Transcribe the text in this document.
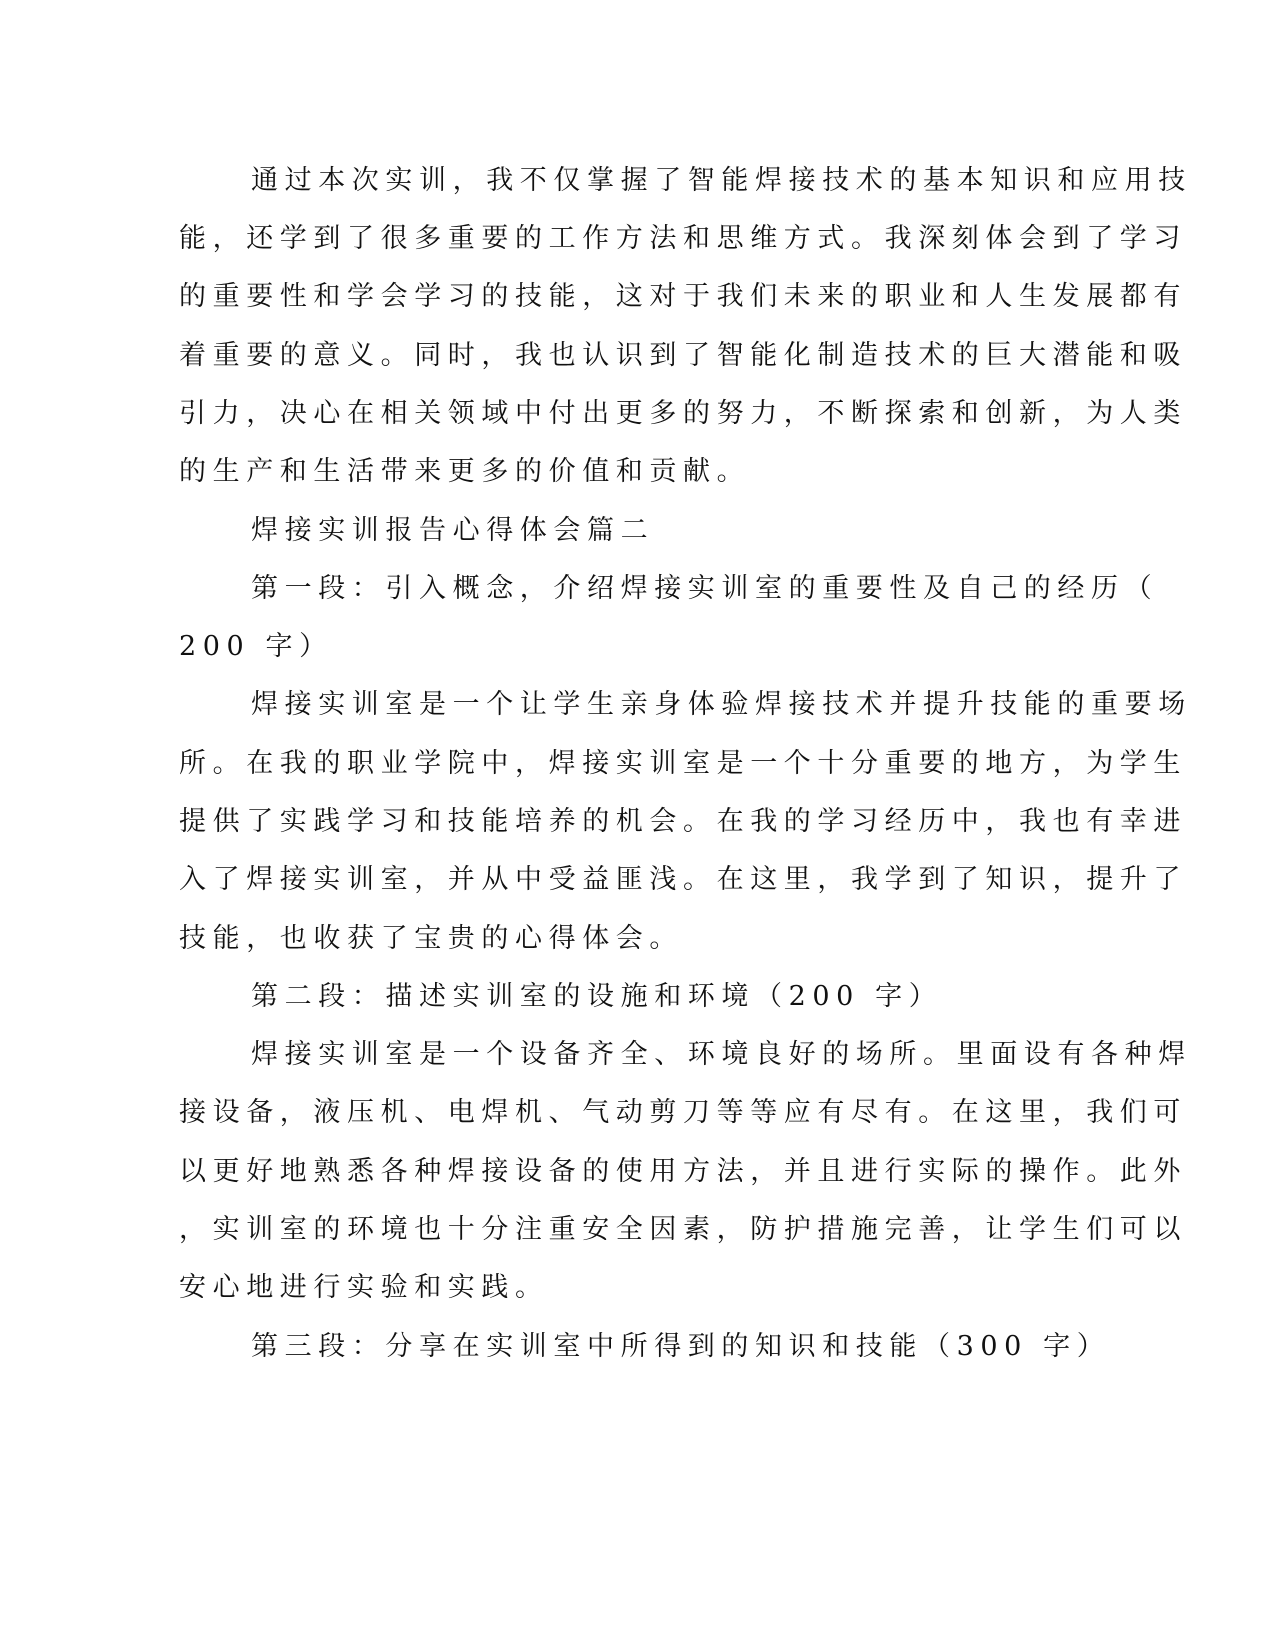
通过本次实训，我不仅掌握了智能焊接技术的基本知识和应用技
能，还学到了很多重要的工作方法和思维方式。我深刻体会到了学习
的重要性和学会学习的技能，这对于我们未来的职业和人生发展都有
着重要的意义。同时，我也认识到了智能化制造技术的巨大潜能和吸
引力，决心在相关领域中付出更多的努力，不断探索和创新，为人类
的生产和生活带来更多的价值和贡献。
焊接实训报告心得体会篇二
第一段：引入概念，介绍焊接实训室的重要性及自己的经历（
200 字）
焊接实训室是一个让学生亲身体验焊接技术并提升技能的重要场
所。在我的职业学院中，焊接实训室是一个十分重要的地方，为学生
提供了实践学习和技能培养的机会。在我的学习经历中，我也有幸进
入了焊接实训室，并从中受益匪浅。在这里，我学到了知识，提升了
技能，也收获了宝贵的心得体会。
第二段：描述实训室的设施和环境（200 字）
焊接实训室是一个设备齐全、环境良好的场所。里面设有各种焊
接设备，液压机、电焊机、气动剪刀等等应有尽有。在这里，我们可
以更好地熟悉各种焊接设备的使用方法，并且进行实际的操作。此外
，实训室的环境也十分注重安全因素，防护措施完善，让学生们可以
安心地进行实验和实践。
第三段：分享在实训室中所得到的知识和技能（300 字）
